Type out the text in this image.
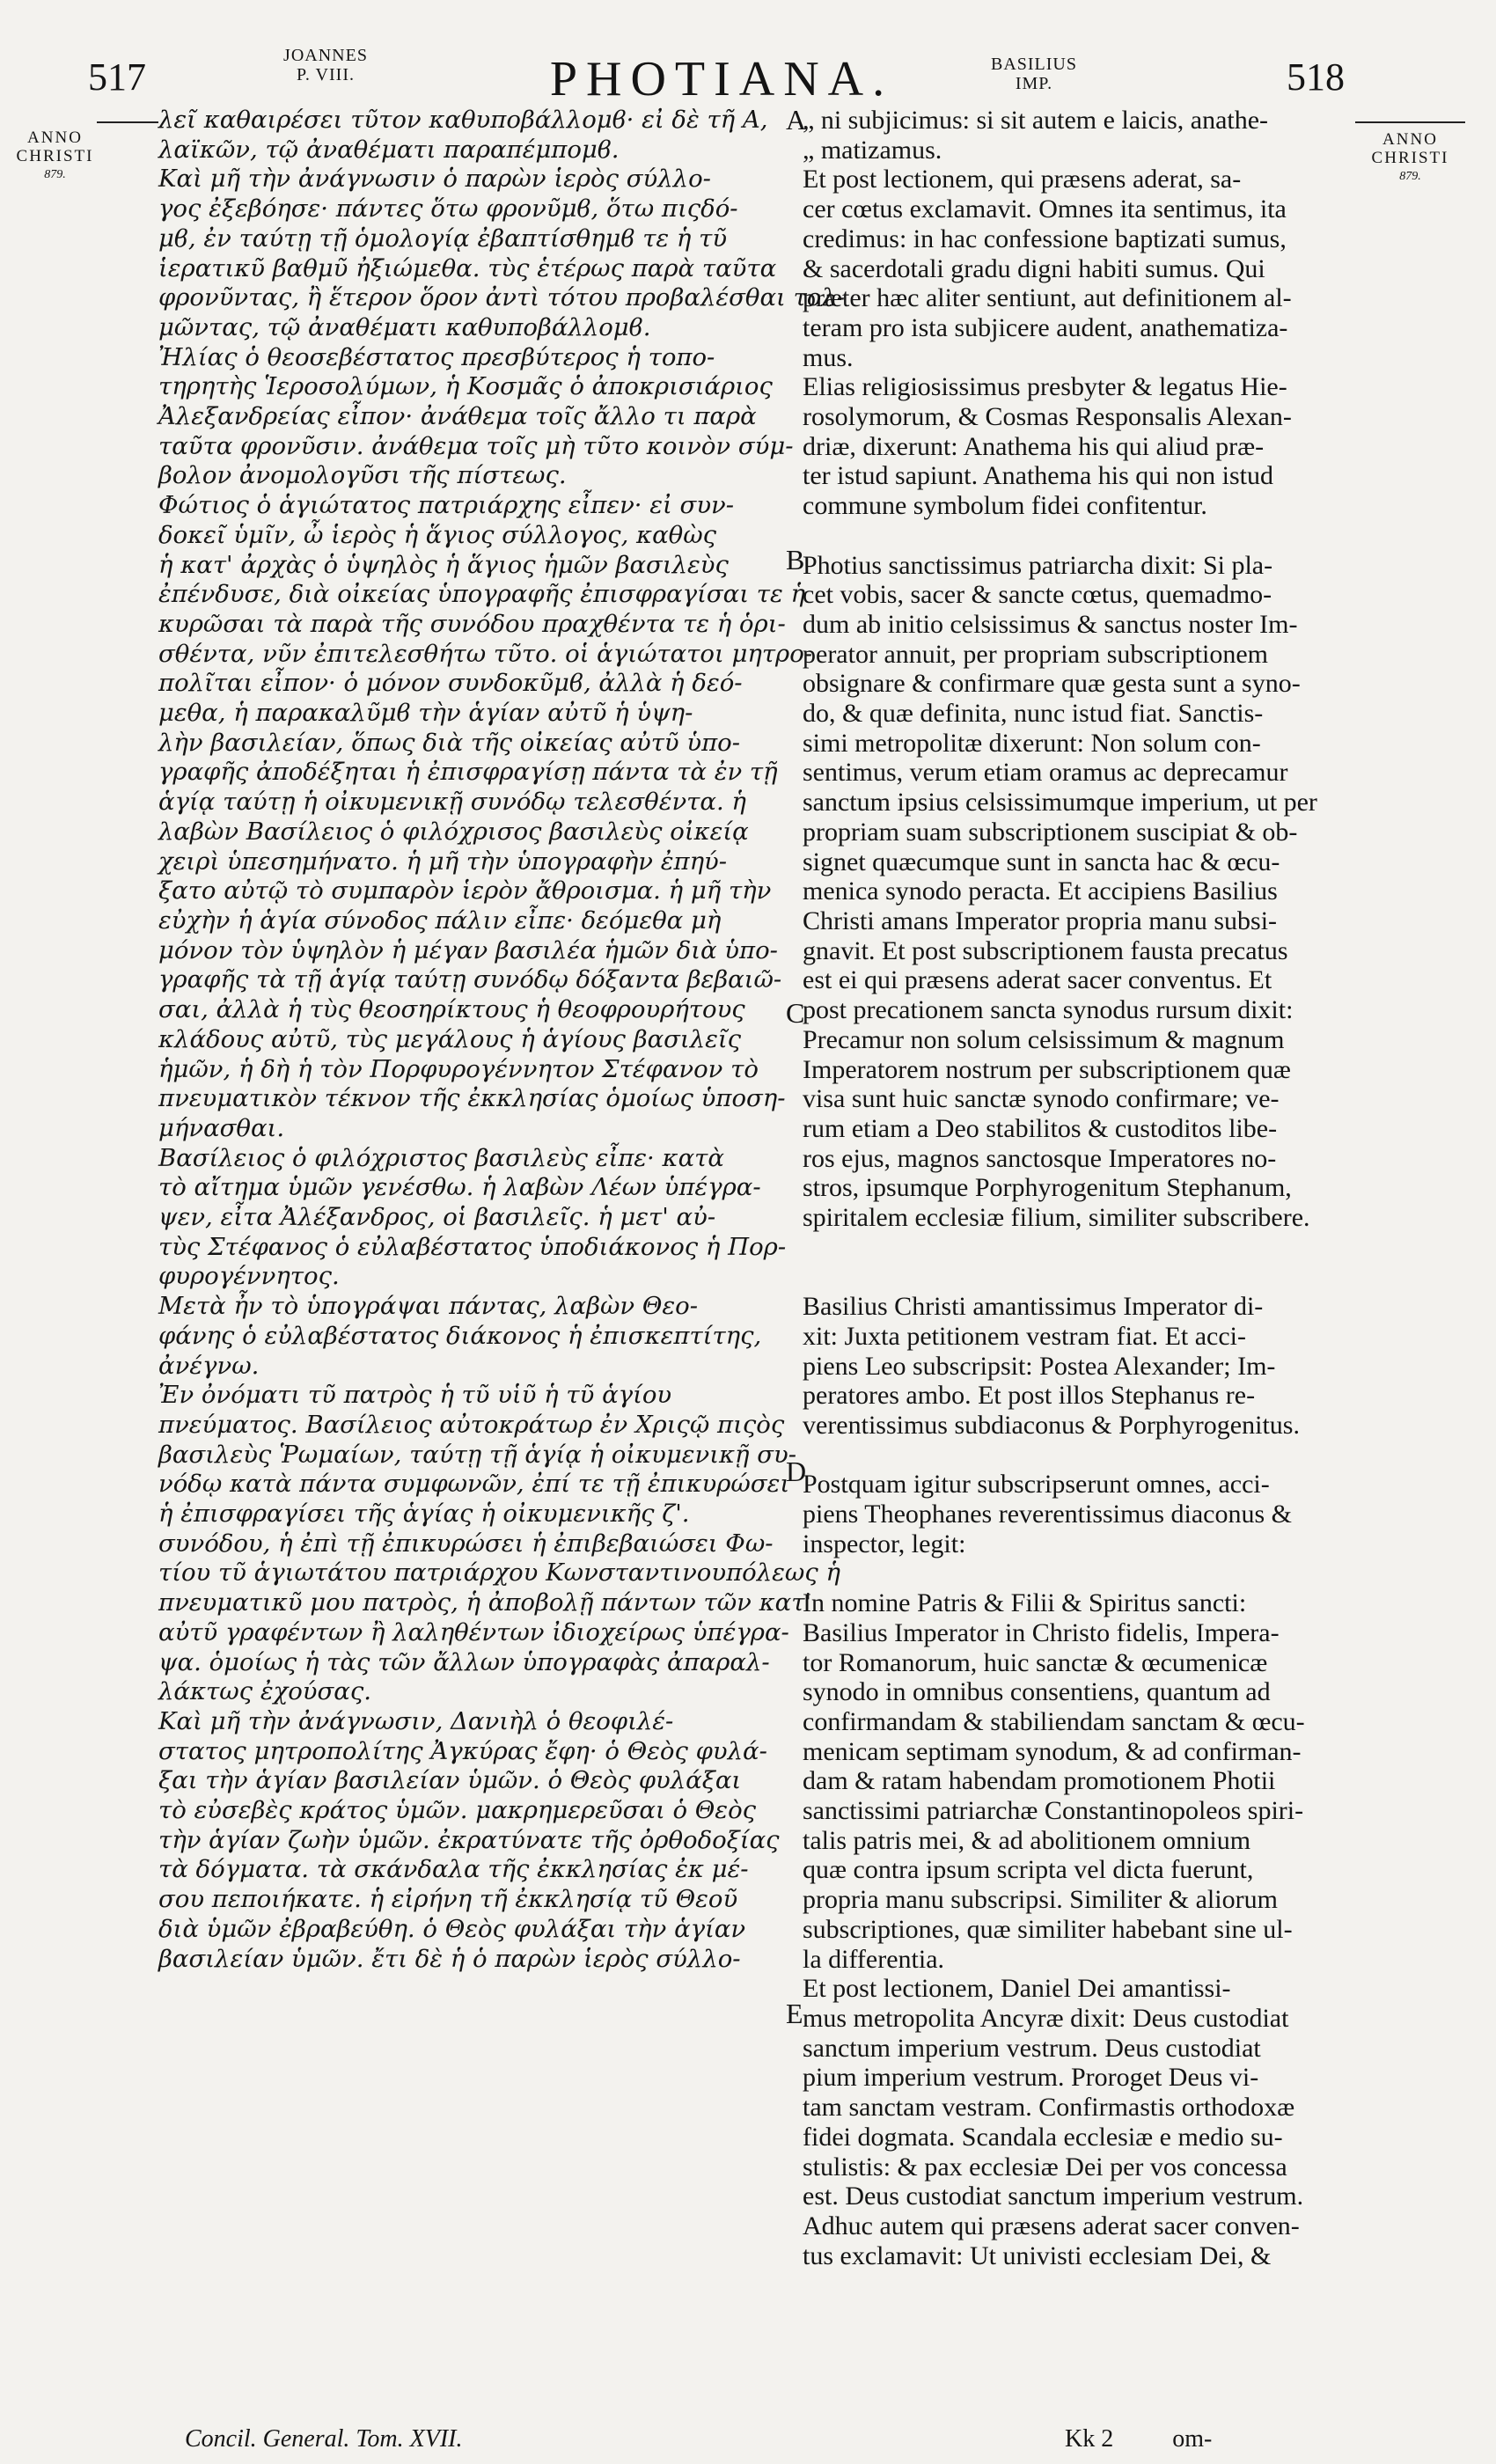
517	JOANNES
P. VIII.	PHOTIANA.	BASILIUS
IMP.	518
ANNO
CHRISTI
879.
ANNO
CHRISTI
879.
λεῖ καθαιρέσει τῦτον καθυποβάλλομϐ· εἰ δὲ τῆ̣ Α,
λαϊκῶν, τῷ ἀναθέματι παραπέμπομϐ.
Καὶ μῆ τὴν ἀνάγνωσιν ὁ παρὼν ἱερὸς σύλλο-
γος ἐξεβόησε· πάντες ὅτω φρονῦμϐ, ὅτω πιςδό-
μϐ, ἐν ταύτῃ τῇ ὁμολογίᾳ ἐβαπτίσθημϐ τε ἡ τῦ
ἱερατικῦ βαθμῦ ἠξιώμεθα. τὺς ἑτέρως παρὰ ταῦτα
φρονῦντας, ἢ ἕτερον ὅρον ἀντὶ τότου προβαλέσθαι τολ-
μῶντας, τῷ ἀναθέματι καθυποβάλλομϐ.
Ἠλίας ὁ θεοσεβέστατος πρεσβύτερος ἡ τοπο-
τηρητὴς Ἱεροσολύμων, ἡ Κοσμᾶς ὁ ἀποκρισιάριος
Ἀλεξανδρείας εἶπον· ἀνάθεμα τοῖς ἄλλο τι παρὰ
ταῦτα φρονῦσιν. ἀνάθεμα τοῖς μὴ τῦτο κοινὸν σύμ-
βολον ἀνομολογῦσι τῆς πίστεως.
Φώτιος ὁ ἁγιώτατος πατριάρχης εἶπεν· εἰ συν-
δοκεῖ ὑμῖν, ὦ ἱερὸς ἡ ἅγιος σύλλογος, καθὼς
ἡ κατ' ἀρχὰς ὁ ὑψηλὸς ἡ ἅγιος ἡμῶν βασιλεὺς
ἐπένδυσε, διὰ οἰκείας ὑπογραφῆς ἐπισφραγίσαι τε ἡ
κυρῶσαι τὰ παρὰ τῆς συνόδου πραχθέντα τε ἡ ὁρι-
σθέντα, νῦν ἐπιτελεσθήτω τῦτο. οἱ ἁγιώτατοι μητρο-
πολῖται εἶπον· ὁ μόνον συνδοκῦμϐ, ἀλλὰ ἡ δεό-
μεθα, ἡ παρακαλῦμϐ τὴν ἁγίαν αὐτῦ ἡ ὑψη-
λὴν βασιλείαν, ὅπως διὰ τῆς οἰκείας αὐτῦ ὑπο-
γραφῆς ἀποδέξηται ἡ ἐπισφραγίσῃ πάντα τὰ ἐν τῇ
ἁγίᾳ ταύτῃ ἡ οἰκυμενικῇ συνόδῳ τελεσθέντα. ἡ
λαβὼν Βασίλειος ὁ φιλόχρισος βασιλεὺς οἰκείᾳ
χειρὶ ὑπεσημήνατο. ἡ μῆ τὴν ὑπογραφὴν ἐπηύ-
ξατο αὐτῷ τὸ συμπαρὸν ἱερὸν ἄθροισμα. ἡ μῆ τὴν
εὐχὴν ἡ ἁγία σύνοδος πάλιν εἶπε· δεόμεθα μὴ
μόνον τὸν ὑψηλὸν ἡ μέγαν βασιλέα ἡμῶν διὰ ὑπο-
γραφῆς τὰ τῇ ἁγίᾳ ταύτῃ συνόδῳ δόξαντα βεβαιῶ-
σαι, ἀλλὰ ἡ τὺς θεοσηρίκτους ἡ θεοφρουρήτους
κλάδους αὐτῦ, τὺς μεγάλους ἡ ἁγίους βασιλεῖς
ἡμῶν, ἡ δὴ ἡ τὸν Πορφυρογέννητον Στέφανον τὸ
πνευματικὸν τέκνον τῆς ἐκκλησίας ὁμοίως ὑποση-
μήνασθαι.
Βασίλειος ὁ φιλόχριστος βασιλεὺς εἶπε· κατὰ
τὸ αἴτημα ὑμῶν γενέσθω. ἡ λαβὼν Λέων ὑπέγρα-
ψεν, εἶτα Ἀλέξανδρος, οἱ βασιλεῖς. ἡ μετ' αὐ-
τὺς Στέφανος ὁ εὐλαβέστατος ὑποδιάκονος ἡ Πορ-
φυρογέννητος.
Μετὰ ἦν τὸ ὑπογράψαι πάντας, λαβὼν Θεο-
φάνης ὁ εὐλαβέστατος διάκονος ἡ ἐπισκεπτίτης,
ἀνέγνω.
Ἐν ὀνόματι τῦ πατρὸς ἡ τῦ υἱῦ ἡ τῦ ἁγίου
πνεύματος. Βασίλειος αὐτοκράτωρ ἐν Χριςῷ πιςὸς
βασιλεὺς Ῥωμαίων, ταύτῃ τῇ ἁγίᾳ ἡ οἰκυμενικῇ συ-
νόδῳ κατὰ πάντα συμφωνῶν, ἐπί τε τῇ ἐπικυρώσει
ἡ ἐπισφραγίσει τῆς ἁγίας ἡ οἰκυμενικῆς ζ'.
συνόδου, ἡ ἐπὶ τῇ ἐπικυρώσει ἡ ἐπιβεβαιώσει Φω-
τίου τῦ ἁγιωτάτου πατριάρχου Κωνσταντινουπόλεως ἡ
πνευματικῦ μου πατρὸς, ἡ ἀποβολῇ πάντων τῶν κατ'
αὐτῦ γραφέντων ἢ λαληθέντων ἰδιοχείρως ὑπέγρα-
ψα. ὁμοίως ἡ τὰς τῶν ἄλλων ὑπογραφὰς ἀπαραλ-
λάκτως ἐχούσας.
Καὶ μῆ τὴν ἀνάγνωσιν, Δανιὴλ ὁ θεοφιλέ-
στατος μητροπολίτης Ἀγκύρας ἔφη· ὁ Θεὸς φυλά-
ξαι τὴν ἁγίαν βασιλείαν ὑμῶν. ὁ Θεὸς φυλάξαι
τὸ εὐσεβὲς κράτος ὑμῶν. μακρημερεῦσαι ὁ Θεὸς
τὴν ἁγίαν ζωὴν ὑμῶν. ἐκρατύνατε τῆς ὀρθοδοξίας
τὰ δόγματα. τὰ σκάνδαλα τῆς ἐκκλησίας ἐκ μέ-
σου πεποιήκατε. ἡ εἰρήνη τῆ ἐκκλησίᾳ τῦ Θεοῦ
διὰ ὑμῶν ἐβραβεύθη. ὁ Θεὸς φυλάξαι τὴν ἁγίαν
βασιλείαν ὑμῶν. ἔτι δὲ ἡ ὁ παρὼν ἱερὸς σύλλο-
„ ni subjicimus: si sit autem e laicis, anathe-
„ matizamus.
Et post lectionem, qui præsens aderat, sa-
cer cœtus exclamavit. Omnes ita sentimus, ita
credimus: in hac confessione baptizati sumus,
& sacerdotali gradu digni habiti sumus. Qui
præter hæc aliter sentiunt, aut definitionem al-
teram pro ista subjicere audent, anathematiza-
mus.
Elias religiosissimus presbyter & legatus Hie-
rosolymorum, & Cosmas Responsalis Alexan-
driæ, dixerunt: Anathema his qui aliud præ-
ter istud sapiunt. Anathema his qui non istud
commune symbolum fidei confitentur.

Photius sanctissimus patriarcha dixit: Si pla-
cet vobis, sacer & sancte cœtus, quemadmo-
dum ab initio celsissimus & sanctus noster Im-
perator annuit, per propriam subscriptionem
obsignare & confirmare quæ gesta sunt a syno-
do, & quæ definita, nunc istud fiat. Sanctis-
simi metropolitæ dixerunt: Non solum con-
sentimus, verum etiam oramus ac deprecamur
sanctum ipsius celsissimumque imperium, ut per
propriam suam subscriptionem suscipiat & ob-
signet quæcumque sunt in sancta hac & œcu-
menica synodo peracta. Et accipiens Basilius
Christi amans Imperator propria manu subsi-
gnavit. Et post subscriptionem fausta precatus
est ei qui præsens aderat sacer conventus. Et
post precationem sancta synodus rursum dixit:
Precamur non solum celsissimum & magnum
Imperatorem nostrum per subscriptionem quæ
visa sunt huic sanctæ synodo confirmare; ve-
rum etiam a Deo stabilitos & custoditos libe-
ros ejus, magnos sanctosque Imperatores no-
stros, ipsumque Porphyrogenitum Stephanum,
spiritalem ecclesiæ filium, similiter subscribere.

Basilius Christi amantissimus Imperator di-
xit: Juxta petitionem vestram fiat. Et acci-
piens Leo subscripsit: Postea Alexander; Im-
peratores ambo. Et post illos Stephanus re-
verentissimus subdiaconus & Porphyrogenitus.

Postquam igitur subscripserunt omnes, acci-
piens Theophanes reverentissimus diaconus &
inspector, legit:

In nomine Patris & Filii & Spiritus sancti:
Basilius Imperator in Christo fidelis, Impera-
tor Romanorum, huic sanctæ & œcumenicæ
synodo in omnibus consentiens, quantum ad
confirmandam & stabiliendam sanctam & œcu-
menicam septimam synodum, & ad confirman-
dam & ratam habendam promotionem Photii
sanctissimi patriarchæ Constantinopoleos spiri-
talis patris mei, & ad abolitionem omnium
quæ contra ipsum scripta vel dicta fuerunt,
propria manu subscripsi. Similiter & aliorum
subscriptiones, quæ similiter habebant sine ul-
la differentia.
Et post lectionem, Daniel Dei amantissi-
mus metropolita Ancyræ dixit: Deus custodiat
sanctum imperium vestrum. Deus custodiat
pium imperium vestrum. Proroget Deus vi-
tam sanctam vestram. Confirmastis orthodoxæ
fidei dogmata. Scandala ecclesiæ e medio su-
stulistis: & pax ecclesiæ Dei per vos concessa
est. Deus custodiat sanctum imperium vestrum.
Adhuc autem qui præsens aderat sacer conven-
tus exclamavit: Ut univisti ecclesiam Dei, &
A
B
C
D
E
Concil. General. Tom. XVII.	Kk 2 om-
